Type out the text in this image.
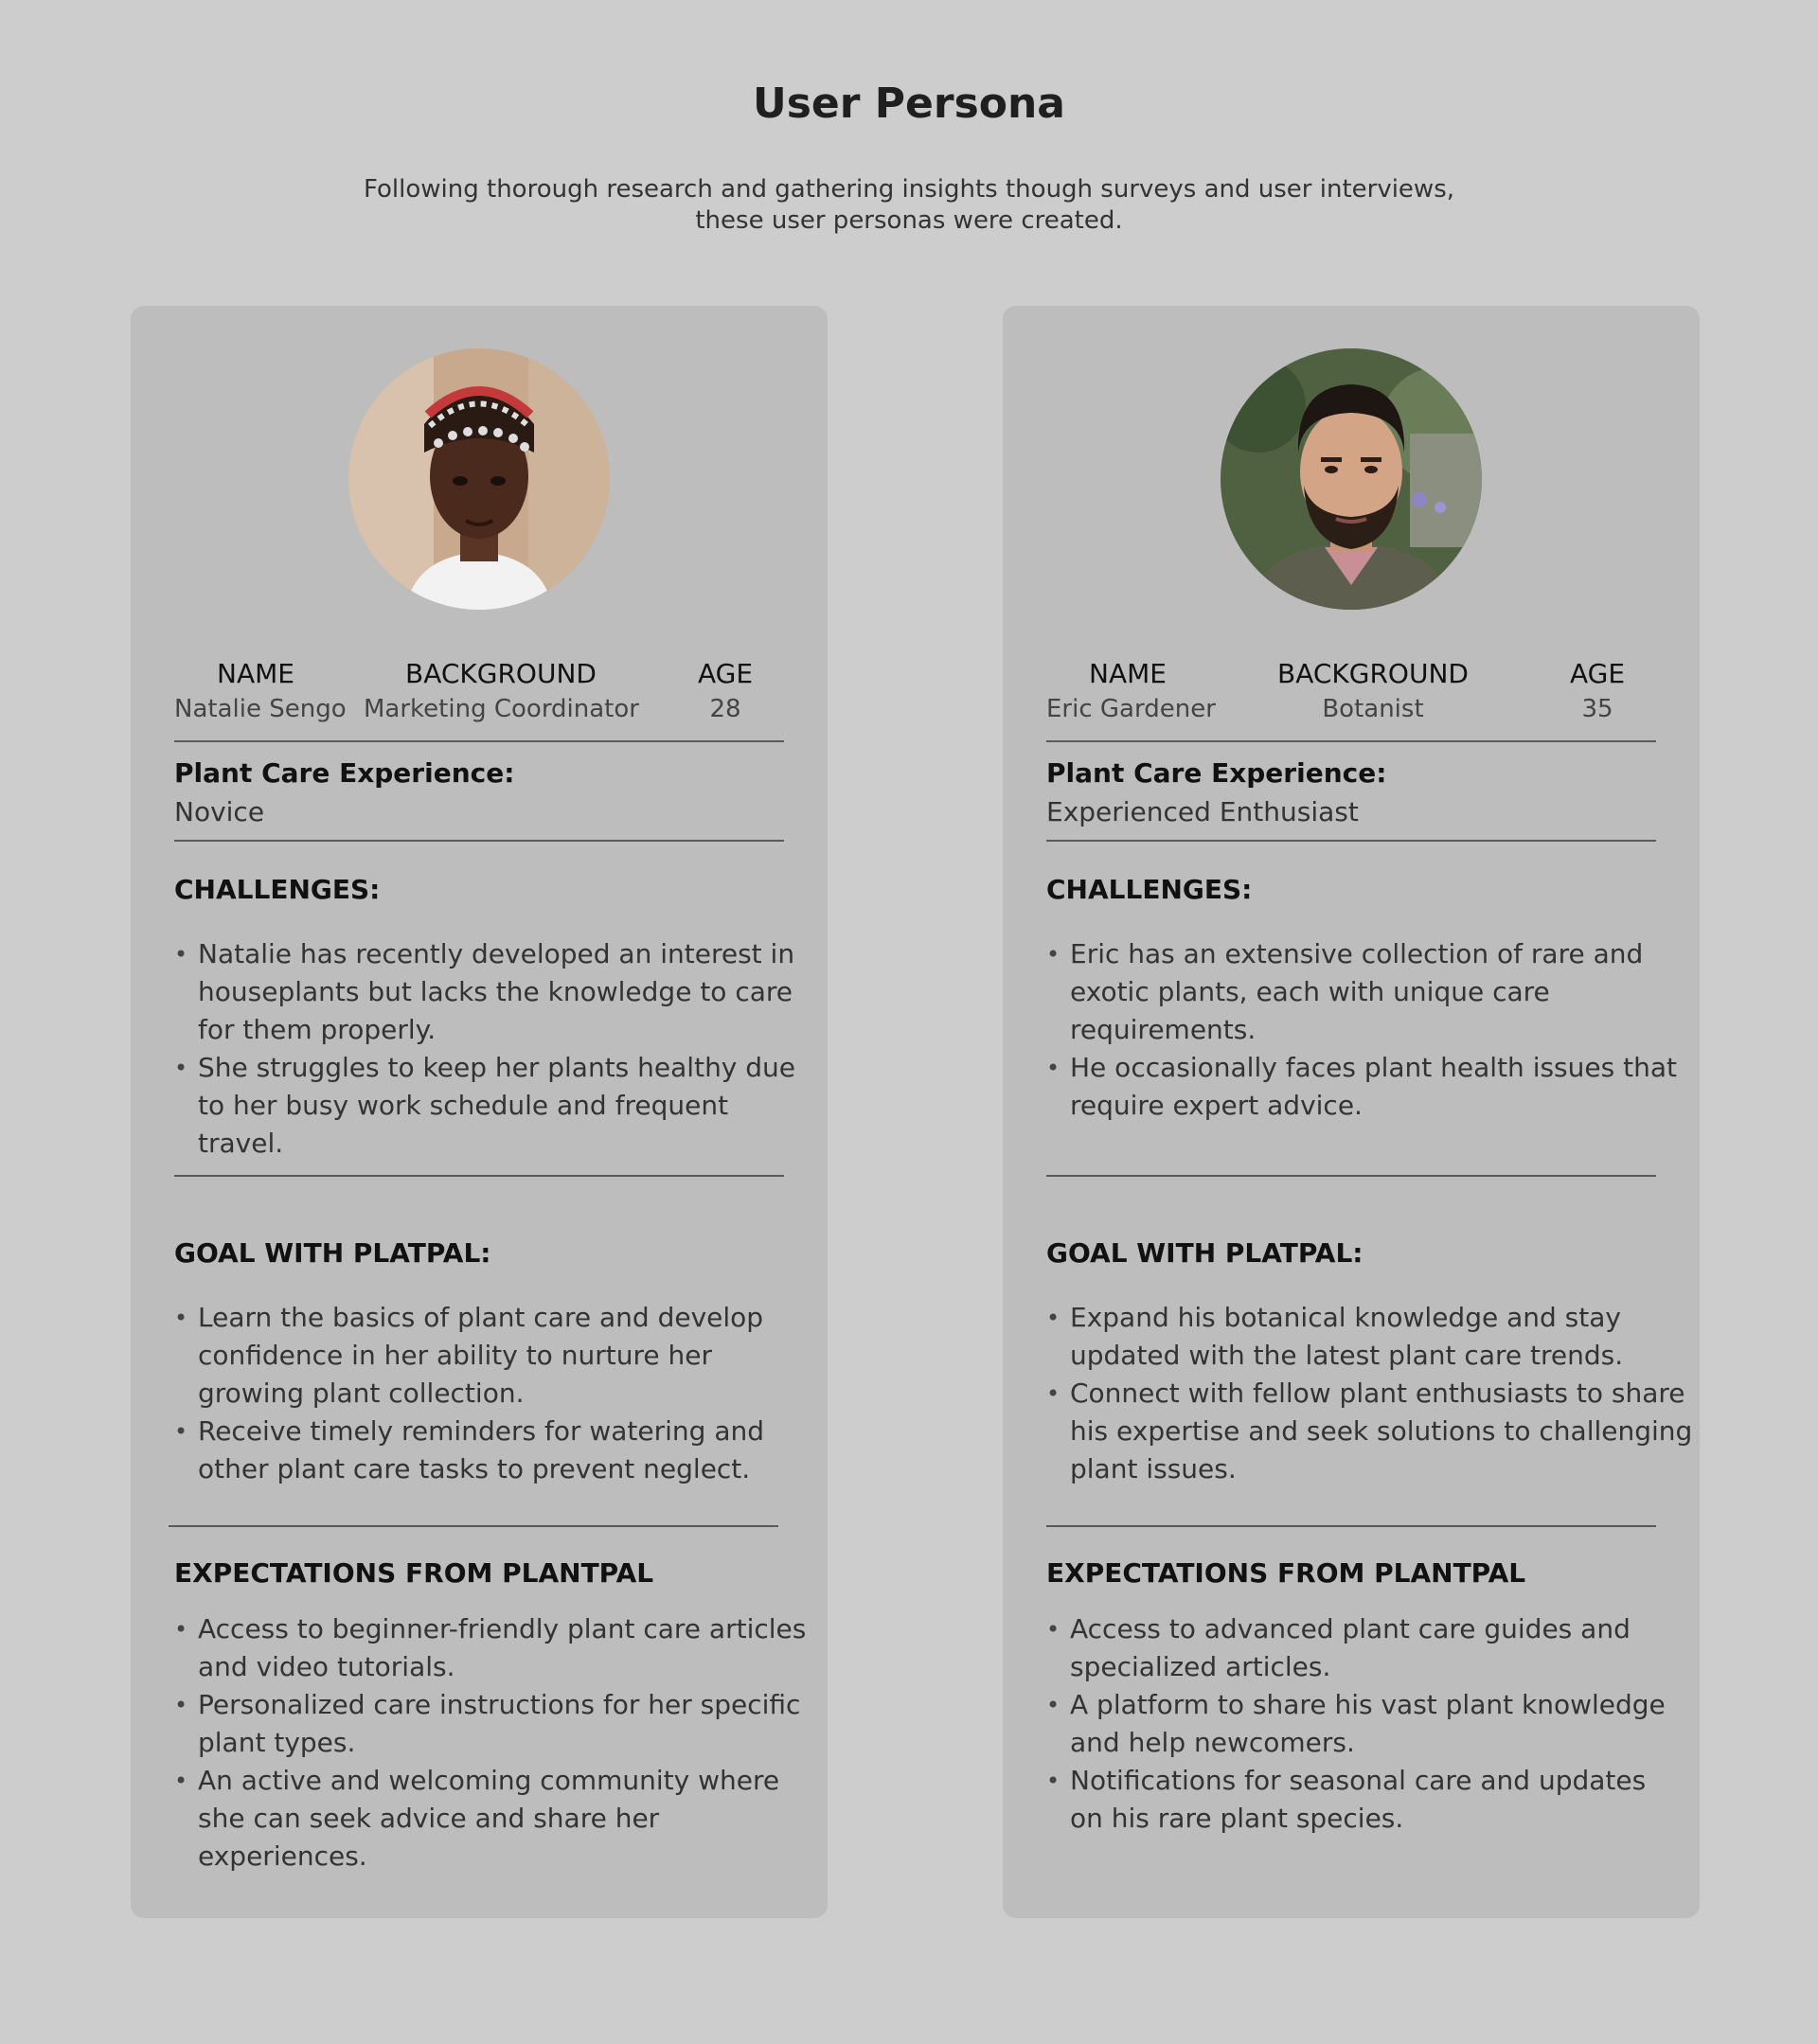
User Persona

Following thorough research and gathering insights though surveys and user interviews, these user personas were created.

NAME
Natalie Sengo
BACKGROUND
Marketing Coordinator
AGE
28
Plant Care Experience:
Novice
CHALLENGES:
• Natalie has recently developed an interest in houseplants but lacks the knowledge to care for them properly.
• She struggles to keep her plants healthy due to her busy work schedule and frequent travel.
GOAL WITH PLATPAL:
• Learn the basics of plant care and develop confidence in her ability to nurture her growing plant collection.
• Receive timely reminders for watering and other plant care tasks to prevent neglect.
EXPECTATIONS FROM PLANTPAL
• Access to beginner-friendly plant care articles and video tutorials.
• Personalized care instructions for her specific plant types.
• An active and welcoming community where she can seek advice and share her experiences.
NAME
Eric Gardener
BACKGROUND
Botanist
AGE
35
Plant Care Experience:
Experienced Enthusiast
CHALLENGES:
• Eric has an extensive collection of rare and exotic plants, each with unique care requirements.
• He occasionally faces plant health issues that require expert advice.
GOAL WITH PLATPAL:
• Expand his botanical knowledge and stay updated with the latest plant care trends.
• Connect with fellow plant enthusiasts to share his expertise and seek solutions to challenging plant issues.
EXPECTATIONS FROM PLANTPAL
• Access to advanced plant care guides and specialized articles.
• A platform to share his vast plant knowledge and help newcomers.
• Notifications for seasonal care and updates on his rare plant species.
